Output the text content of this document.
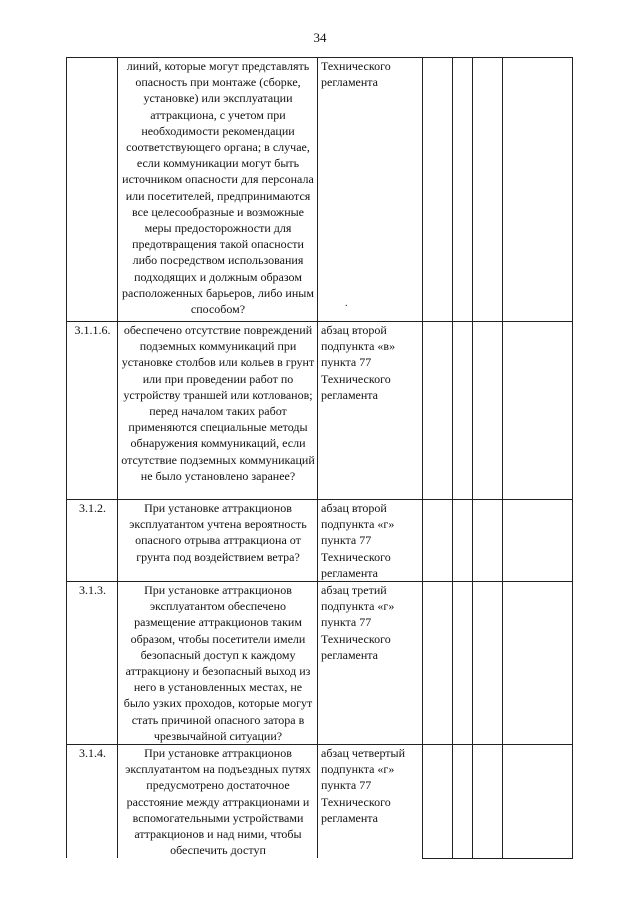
34
	линий, которые могут представлять опасность при монтаже (сборке, установке) или эксплуатации аттракциона, с учетом при необходимости рекомендации соответствующего органа; в случае, если коммуникации могут быть источником опасности для персонала или посетителей, предпринимаются все целесообразные и возможные меры предосторожности для предотвращения такой опасности либо посредством использования подходящих и должным образом расположенных барьеров, либо иным способом?	Технического регламента				
3.1.1.6.	обеспечено отсутствие повреждений подземных коммуникаций при установке столбов или кольев в грунт или при проведении работ по устройству траншей или котлованов; перед началом таких работ применяются специальные методы обнаружения коммуникаций, если отсутствие подземных коммуникаций не было установлено заранее?	абзац второй подпункта «в» пункта 77 Технического регламента				
3.1.2.	При установке аттракционов эксплуатантом учтена вероятность опасного отрыва аттракциона от грунта под воздействием ветра?	абзац второй подпункта «г» пункта 77 Технического регламента				
3.1.3.	При установке аттракционов эксплуатантом обеспечено размещение аттракционов таким образом, чтобы посетители имели безопасный доступ к каждому аттракциону и безопасный выход из него в установленных местах, не было узких проходов, которые могут стать причиной опасного затора в чрезвычайной ситуации?	абзац третий подпункта «г» пункта 77 Технического регламента				
3.1.4.	При установке аттракционов эксплуатантом на подъездных путях предусмотрено достаточное расстояние между аттракционами и вспомогательными устройствами аттракционов и над ними, чтобы обеспечить доступ	абзац четвертый подпункта «г» пункта 77 Технического регламента				
.
